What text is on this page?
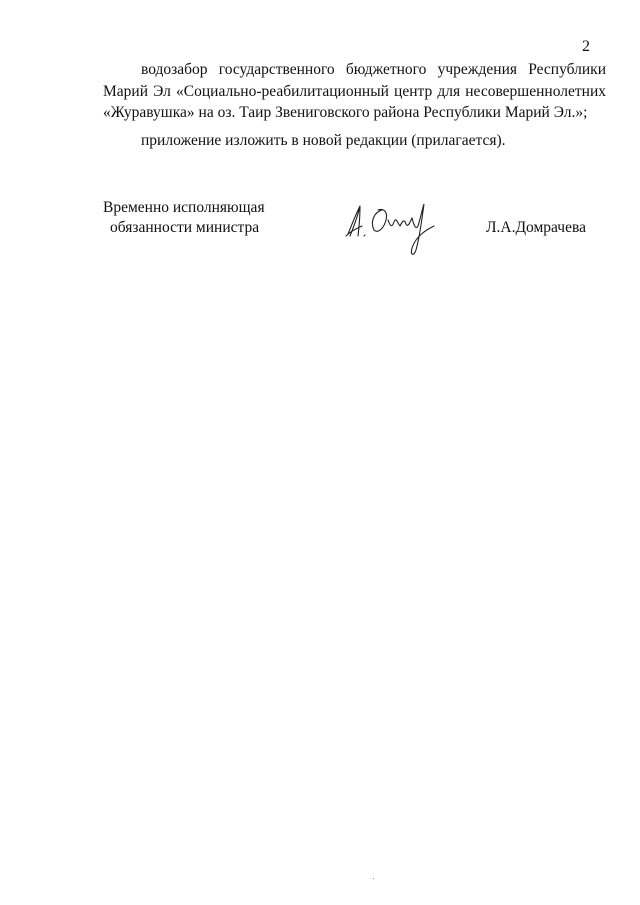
2
водозабор государственного бюджетного учреждения Республики
Марий Эл «Социально-реабилитационный центр для несовершеннолетних
«Журавушка» на оз. Таир Звениговского района Республики Марий Эл.»;
приложение изложить в новой редакции (прилагается).
Временно исполняющая
обязанности министра	Л.А.Домрачева
